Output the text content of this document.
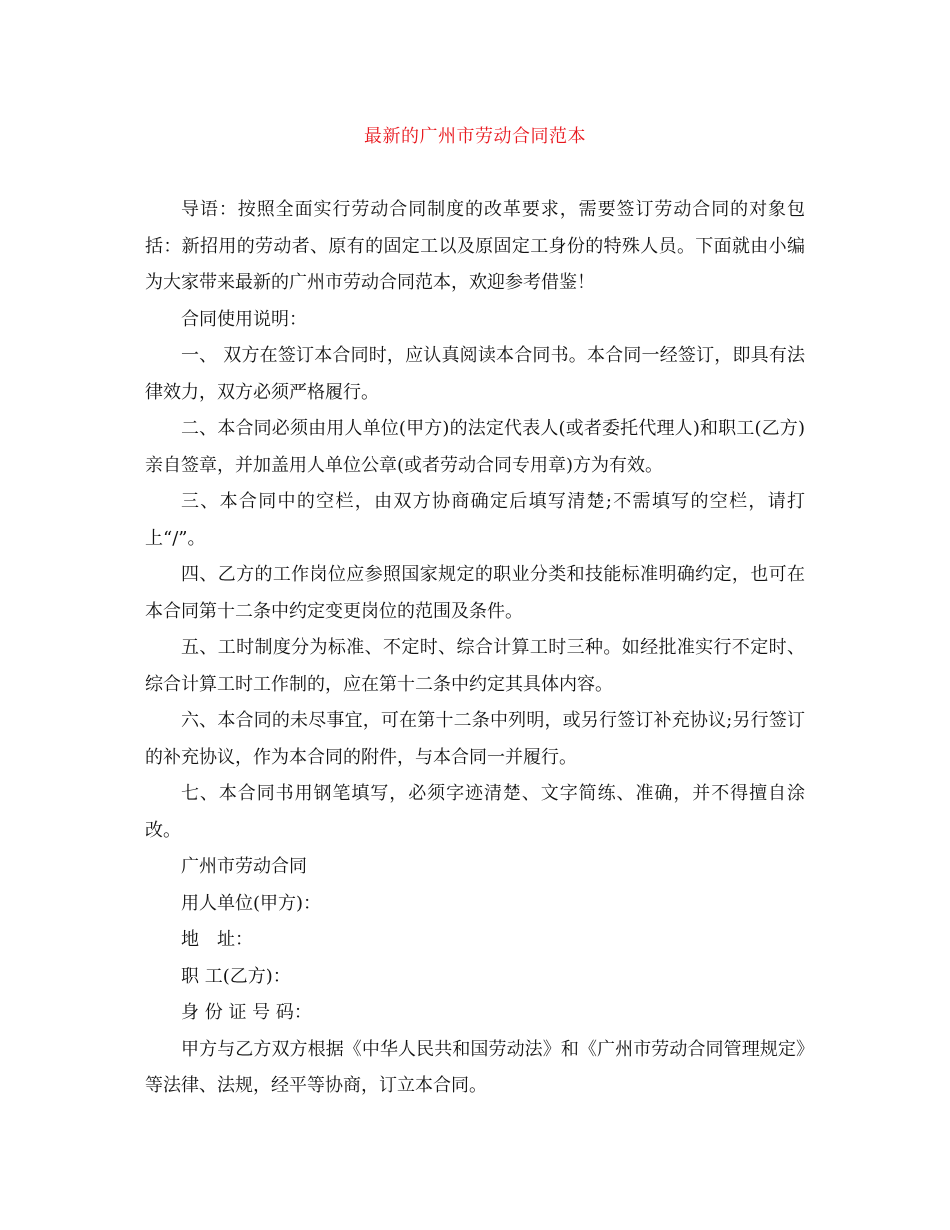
最新的广州市劳动合同范本

导语：按照全面实行劳动合同制度的改革要求，需要签订劳动合同的对象包括：新招用的劳动者、原有的固定工以及原固定工身份的特殊人员。下面就由小编为大家带来最新的广州市劳动合同范本，欢迎参考借鉴！

合同使用说明：

一、 双方在签订本合同时，应认真阅读本合同书。本合同一经签订，即具有法律效力，双方必须严格履行。

二、本合同必须由用人单位(甲方)的法定代表人(或者委托代理人)和职工(乙方)亲自签章，并加盖用人单位公章(或者劳动合同专用章)方为有效。

三、本合同中的空栏，由双方协商确定后填写清楚;不需填写的空栏，请打上“/”。

四、乙方的工作岗位应参照国家规定的职业分类和技能标准明确约定，也可在本合同第十二条中约定变更岗位的范围及条件。

五、工时制度分为标准、不定时、综合计算工时三种。如经批准实行不定时、综合计算工时工作制的，应在第十二条中约定其具体内容。

六、本合同的未尽事宜，可在第十二条中列明，或另行签订补充协议;另行签订的补充协议，作为本合同的附件，与本合同一并履行。

七、本合同书用钢笔填写，必须字迹清楚、文字简练、准确，并不得擅自涂改。

广州市劳动合同

用人单位(甲方)：

地　址：

职 工(乙方)：

身 份 证 号 码：

甲方与乙方双方根据《中华人民共和国劳动法》和《广州市劳动合同管理规定》等法律、法规，经平等协商，订立本合同。
